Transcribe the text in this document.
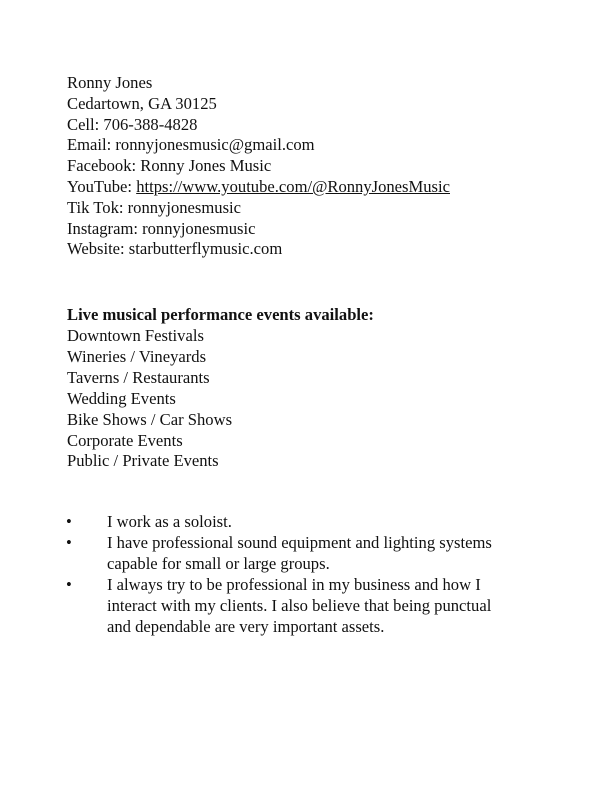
Ronny Jones
Cedartown, GA 30125
Cell: 706-388-4828
Email: ronnyjonesmusic@gmail.com
Facebook: Ronny Jones Music
YouTube: https://www.youtube.com/@RonnyJonesMusic
Tik Tok: ronnyjonesmusic
Instagram: ronnyjonesmusic
Website: starbutterflymusic.com
Live musical performance events available:
Downtown Festivals
Wineries / Vineyards
Taverns / Restaurants
Wedding Events
Bike Shows / Car Shows
Corporate Events
Public / Private Events
• I work as a soloist.
• I have professional sound equipment and lighting systems
capable for small or large groups.
• I always try to be professional in my business and how I
interact with my clients. I also believe that being punctual
and dependable are very important assets.
